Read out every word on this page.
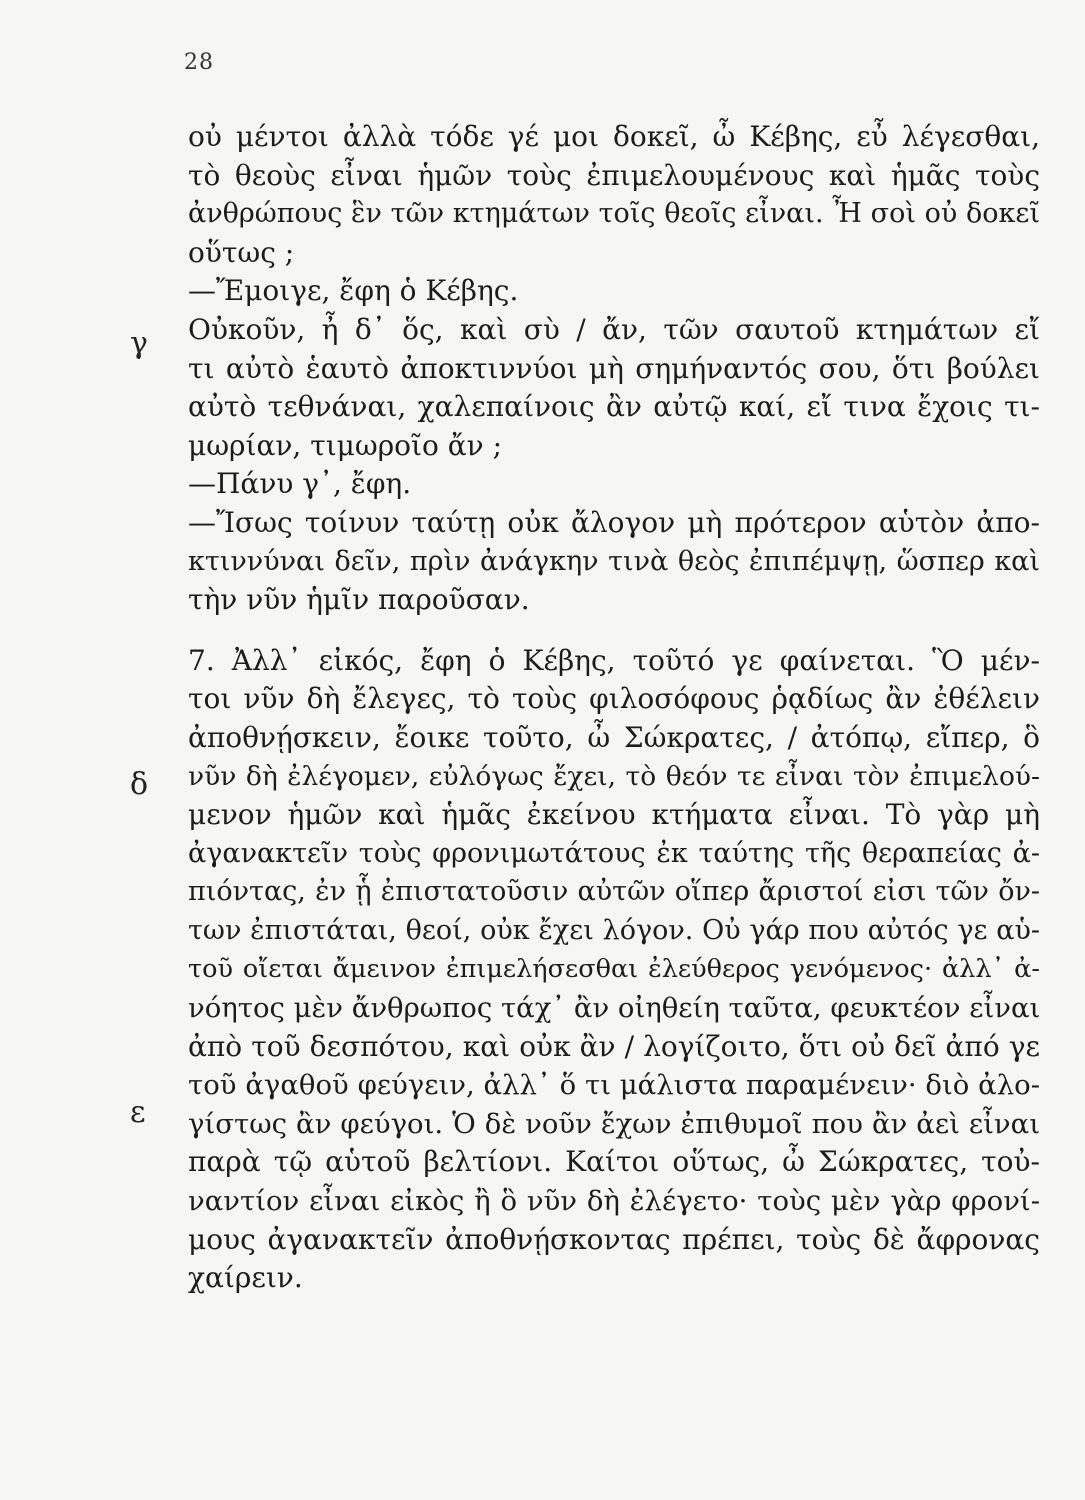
28
γ
δ
ε
οὐ μέντοι ἀλλὰ τόδε γέ μοι δοκεῖ, ὦ Κέβης, εὖ λέγεσθαι,
τὸ θεοὺς εἶναι ἡμῶν τοὺς ἐπιμελουμένους καὶ ἡμᾶς τοὺς
ἀνθρώπους ἓν τῶν κτημάτων τοῖς θεοῖς εἶναι. Ἦ σοὶ οὐ δοκεῖ
οὕτως ;
—Ἔμοιγε, ἔφη ὁ Κέβης.
Οὐκοῦν, ἦ δ᾿ ὅς, καὶ σὺ / ἄν, τῶν σαυτοῦ κτημάτων εἴ
τι αὐτὸ ἑαυτὸ ἀποκτιννύοι μὴ σημήναντός σου, ὅτι βούλει
αὐτὸ τεθνάναι, χαλεπαίνοις ἂν αὐτῷ καί, εἴ τινα ἔχοις τι-
μωρίαν, τιμωροῖο ἄν ;
—Πάνυ γ᾿, ἔφη.
—Ἴσως τοίνυν ταύτῃ οὐκ ἄλογον μὴ πρότερον αὑτὸν ἀπο-
κτιννύναι δεῖν, πρὶν ἀνάγκην τινὰ θεὸς ἐπιπέμψῃ, ὥσπερ καὶ
τὴν νῦν ἡμῖν παροῦσαν.
7. Ἀλλ᾿ εἰκός, ἔφη ὁ Κέβης, τοῦτό γε φαίνεται. Ὃ μέν-
τοι νῦν δὴ ἔλεγες, τὸ τοὺς φιλοσόφους ῥᾳδίως ἂν ἐθέλειν
ἀποθνῄσκειν, ἔοικε τοῦτο, ὦ Σώκρατες, / ἀτόπῳ, εἴπερ, ὃ
νῦν δὴ ἐλέγομεν, εὐλόγως ἔχει, τὸ θεόν τε εἶναι τὸν ἐπιμελού-
μενον ἡμῶν καὶ ἡμᾶς ἐκείνου κτήματα εἶναι. Τὸ γὰρ μὴ
ἀγανακτεῖν τοὺς φρονιμωτάτους ἐκ ταύτης τῆς θεραπείας ἀ-
πιόντας, ἐν ᾗ ἐπιστατοῦσιν αὐτῶν οἵπερ ἄριστοί εἰσι τῶν ὄν-
των ἐπιστάται, θεοί, οὐκ ἔχει λόγον. Οὐ γάρ που αὐτός γε αὑ-
τοῦ οἴεται ἄμεινον ἐπιμελήσεσθαι ἐλεύθερος γενόμενος· ἀλλ᾿ ἀ-
νόητος μὲν ἄνθρωπος τάχ᾿ ἂν οἰηθείη ταῦτα, φευκτέον εἶναι
ἀπὸ τοῦ δεσπότου, καὶ οὐκ ἂν / λογίζοιτο, ὅτι οὐ δεῖ ἀπό γε
τοῦ ἀγαθοῦ φεύγειν, ἀλλ᾿ ὅ τι μάλιστα παραμένειν· διὸ ἀλο-
γίστως ἂν φεύγοι. Ὁ δὲ νοῦν ἔχων ἐπιθυμοῖ που ἂν ἀεὶ εἶναι
παρὰ τῷ αὑτοῦ βελτίονι. Καίτοι οὕτως, ὦ Σώκρατες, τοὐ-
ναντίον εἶναι εἰκὸς ἢ ὃ νῦν δὴ ἐλέγετο· τοὺς μὲν γὰρ φρονί-
μους ἀγανακτεῖν ἀποθνῄσκοντας πρέπει, τοὺς δὲ ἄφρονας
χαίρειν.
